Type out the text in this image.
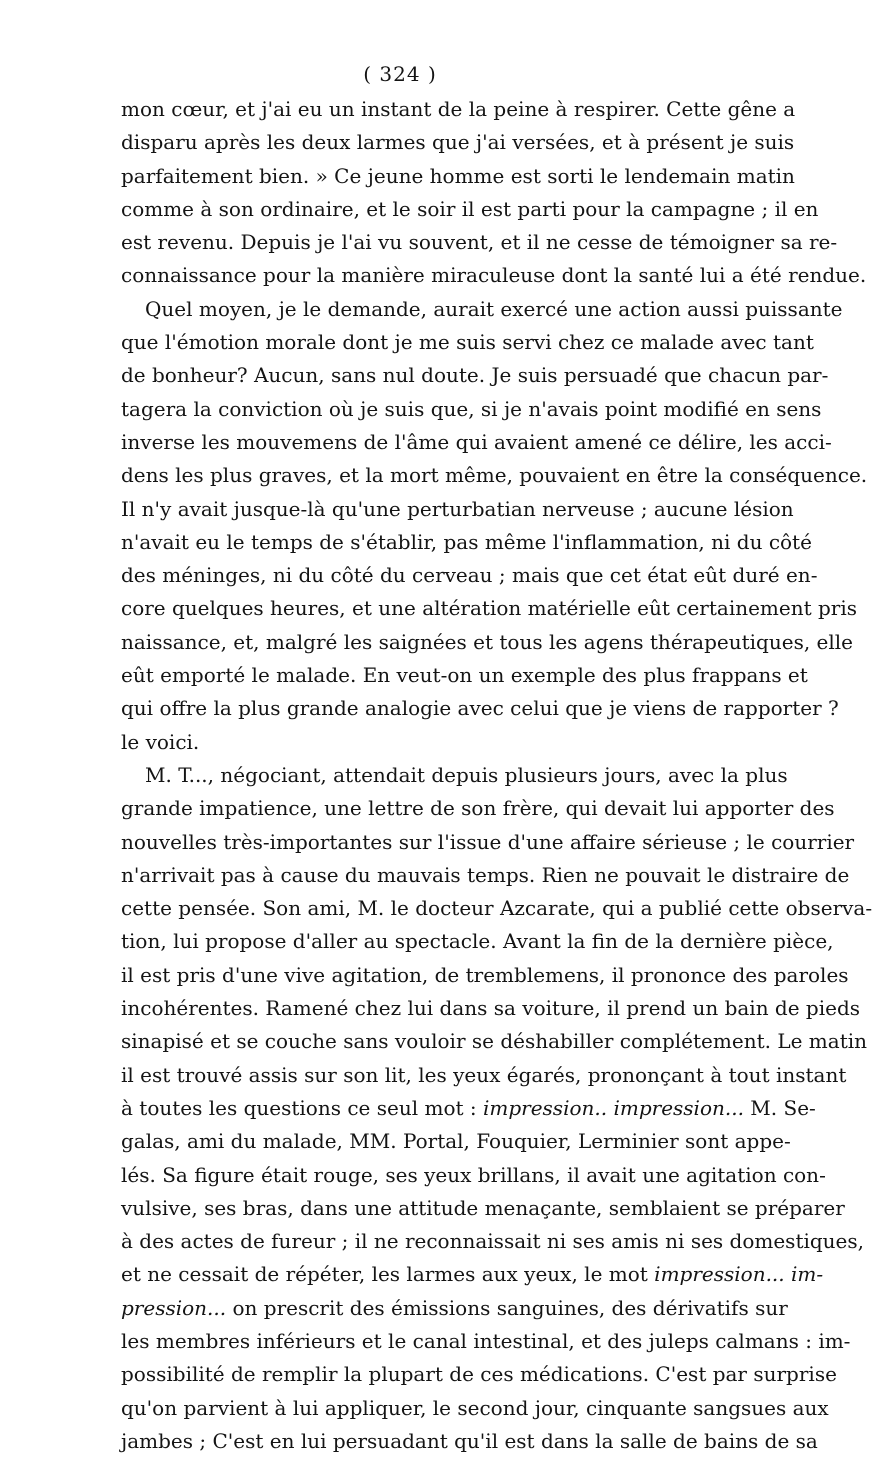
( 324 )
mon cœur, et j'ai eu un instant de la peine à respirer. Cette gêne a
disparu après les deux larmes que j'ai versées, et à présent je suis
parfaitement bien. » Ce jeune homme est sorti le lendemain matin
comme à son ordinaire, et le soir il est parti pour la campagne ; il en
est revenu. Depuis je l'ai vu souvent, et il ne cesse de témoigner sa re-
connaissance pour la manière miraculeuse dont la santé lui a été rendue.
Quel moyen, je le demande, aurait exercé une action aussi puissante
que l'émotion morale dont je me suis servi chez ce malade avec tant
de bonheur? Aucun, sans nul doute. Je suis persuadé que chacun par-
tagera la conviction où je suis que, si je n'avais point modifié en sens
inverse les mouvemens de l'âme qui avaient amené ce délire, les acci-
dens les plus graves, et la mort même, pouvaient en être la conséquence.
Il n'y avait jusque-là qu'une perturbatian nerveuse ; aucune lésion
n'avait eu le temps de s'établir, pas même l'inflammation, ni du côté
des méninges, ni du côté du cerveau ; mais que cet état eût duré en-
core quelques heures, et une altération matérielle eût certainement pris
naissance, et, malgré les saignées et tous les agens thérapeutiques, elle
eût emporté le malade. En veut-on un exemple des plus frappans et
qui offre la plus grande analogie avec celui que je viens de rapporter ?
le voici.
M. T..., négociant, attendait depuis plusieurs jours, avec la plus
grande impatience, une lettre de son frère, qui devait lui apporter des
nouvelles très-importantes sur l'issue d'une affaire sérieuse ; le courrier
n'arrivait pas à cause du mauvais temps. Rien ne pouvait le distraire de
cette pensée. Son ami, M. le docteur Azcarate, qui a publié cette observa-
tion, lui propose d'aller au spectacle. Avant la fin de la dernière pièce,
il est pris d'une vive agitation, de tremblemens, il prononce des paroles
incohérentes. Ramené chez lui dans sa voiture, il prend un bain de pieds
sinapisé et se couche sans vouloir se déshabiller complétement. Le matin
il est trouvé assis sur son lit, les yeux égarés, prononçant à tout instant
à toutes les questions ce seul mot : impression.. impression... M. Se-
galas, ami du malade, MM. Portal, Fouquier, Lerminier sont appe-
lés. Sa figure était rouge, ses yeux brillans, il avait une agitation con-
vulsive, ses bras, dans une attitude menaçante, semblaient se préparer
à des actes de fureur ; il ne reconnaissait ni ses amis ni ses domestiques,
et ne cessait de répéter, les larmes aux yeux, le mot impression... im-
pression... on prescrit des émissions sanguines, des dérivatifs sur
les membres inférieurs et le canal intestinal, et des juleps calmans : im-
possibilité de remplir la plupart de ces médications. C'est par surprise
qu'on parvient à lui appliquer, le second jour, cinquante sangsues aux
jambes ; C'est en lui persuadant qu'il est dans la salle de bains de sa
